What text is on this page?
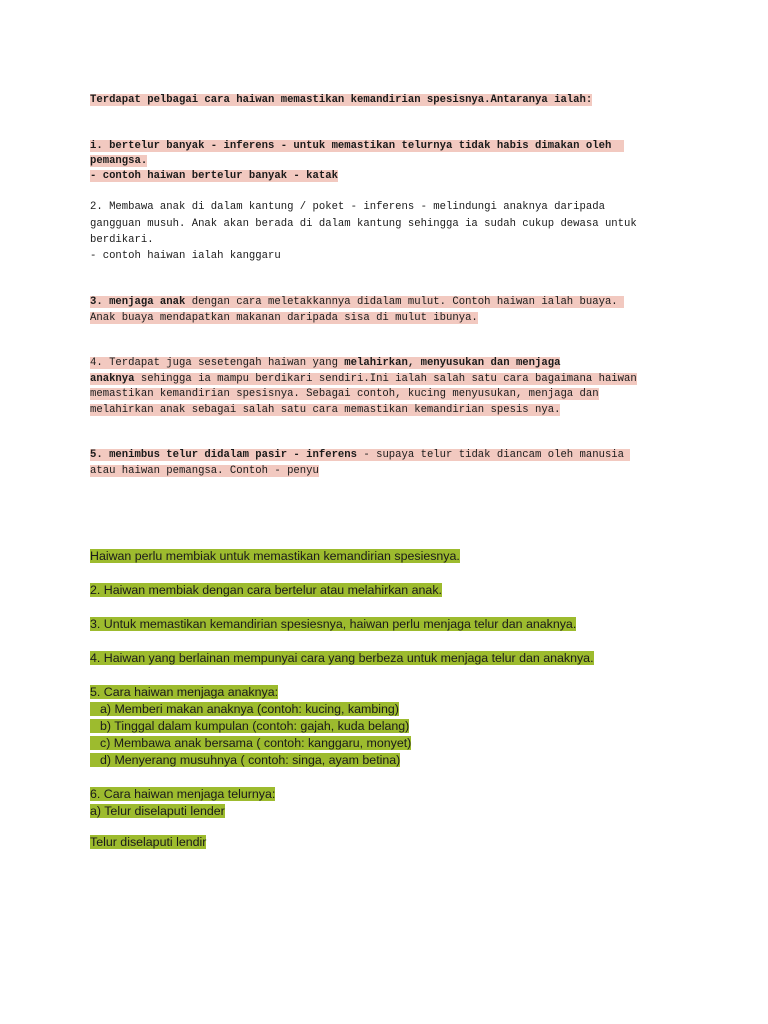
Terdapat pelbagai cara haiwan memastikan kemandirian spesisnya.Antaranya ialah:
i. bertelur banyak - inferens - untuk memastikan telurnya tidak habis dimakan oleh
pemangsa.
- contoh haiwan bertelur banyak - katak
2. Membawa anak di dalam kantung / poket - inferens - melindungi anaknya daripada
gangguan musuh. Anak akan berada di dalam kantung sehingga ia sudah cukup dewasa untuk
berdikari.
- contoh haiwan ialah kanggaru
3. menjaga anak dengan cara meletakkannya didalam mulut. Contoh haiwan ialah buaya.
Anak buaya mendapatkan makanan daripada sisa di mulut ibunya.
4. Terdapat juga sesetengah haiwan yang melahirkan, menyusukan dan menjaga
anaknya sehingga ia mampu berdikari sendiri.Ini ialah salah satu cara bagaimana haiwan
memastikan kemandirian spesisnya. Sebagai contoh, kucing menyusukan, menjaga dan
melahirkan anak sebagai salah satu cara memastikan kemandirian spesis nya.
5. menimbus telur didalam pasir - inferens - supaya telur tidak diancam oleh manusia
atau haiwan pemangsa. Contoh - penyu
Haiwan perlu membiak untuk memastikan kemandirian spesiesnya.
2. Haiwan membiak dengan cara bertelur atau melahirkan anak.
3. Untuk memastikan kemandirian spesiesnya, haiwan perlu menjaga telur dan anaknya.
4. Haiwan yang berlainan mempunyai cara yang berbeza untuk menjaga telur dan anaknya.
5. Cara haiwan menjaga anaknya:
a) Memberi makan anaknya (contoh: kucing, kambing)
b) Tinggal dalam kumpulan (contoh: gajah, kuda belang)
c) Membawa anak bersama ( contoh: kanggaru, monyet)
d) Menyerang musuhnya ( contoh: singa, ayam betina)
6. Cara haiwan menjaga telurnya:
a) Telur diselaputi lender
Telur diselaputi lendir
